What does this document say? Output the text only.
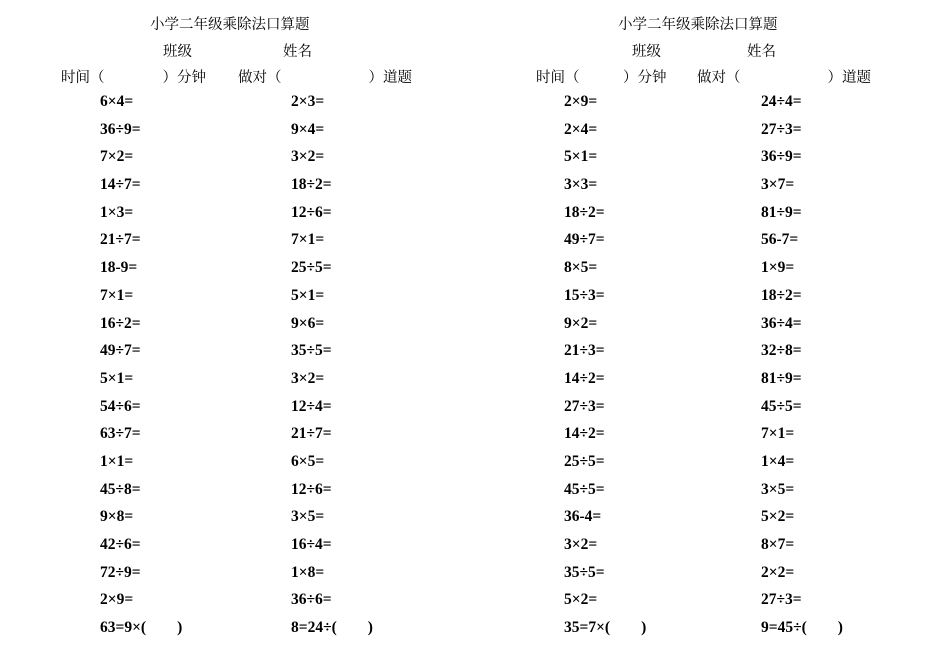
小学二年级乘除法口算题
班级	姓名
时间（　　　　）分钟 做对（　　　　　　）道题
6×4=
36÷9=
7×2=
14÷7=
1×3=
21÷7=
18-9=
7×1=
16÷2=
49÷7=
5×1=
54÷6=
63÷7=
1×1=
45÷8=
9×8=
42÷6=
72÷9=
2×9=
63=9×(　　)
2×3=
9×4=
3×2=
18÷2=
12÷6=
7×1=
25÷5=
5×1=
9×6=
35÷5=
3×2=
12÷4=
21÷7=
6×5=
12÷6=
3×5=
16÷4=
1×8=
36÷6=
8=24÷(　　)
小学二年级乘除法口算题
班级	姓名
时间（　　　）分钟 做对（　　　　　　）道题
2×9=
2×4=
5×1=
3×3=
18÷2=
49÷7=
8×5=
15÷3=
9×2=
21÷3=
14÷2=
27÷3=
14÷2=
25÷5=
45÷5=
36-4=
3×2=
35÷5=
5×2=
35=7×(　　)
24÷4=
27÷3=
36÷9=
3×7=
81÷9=
56-7=
1×9=
18÷2=
36÷4=
32÷8=
81÷9=
45÷5=
7×1=
1×4=
3×5=
5×2=
8×7=
2×2=
27÷3=
9=45÷(　　)
